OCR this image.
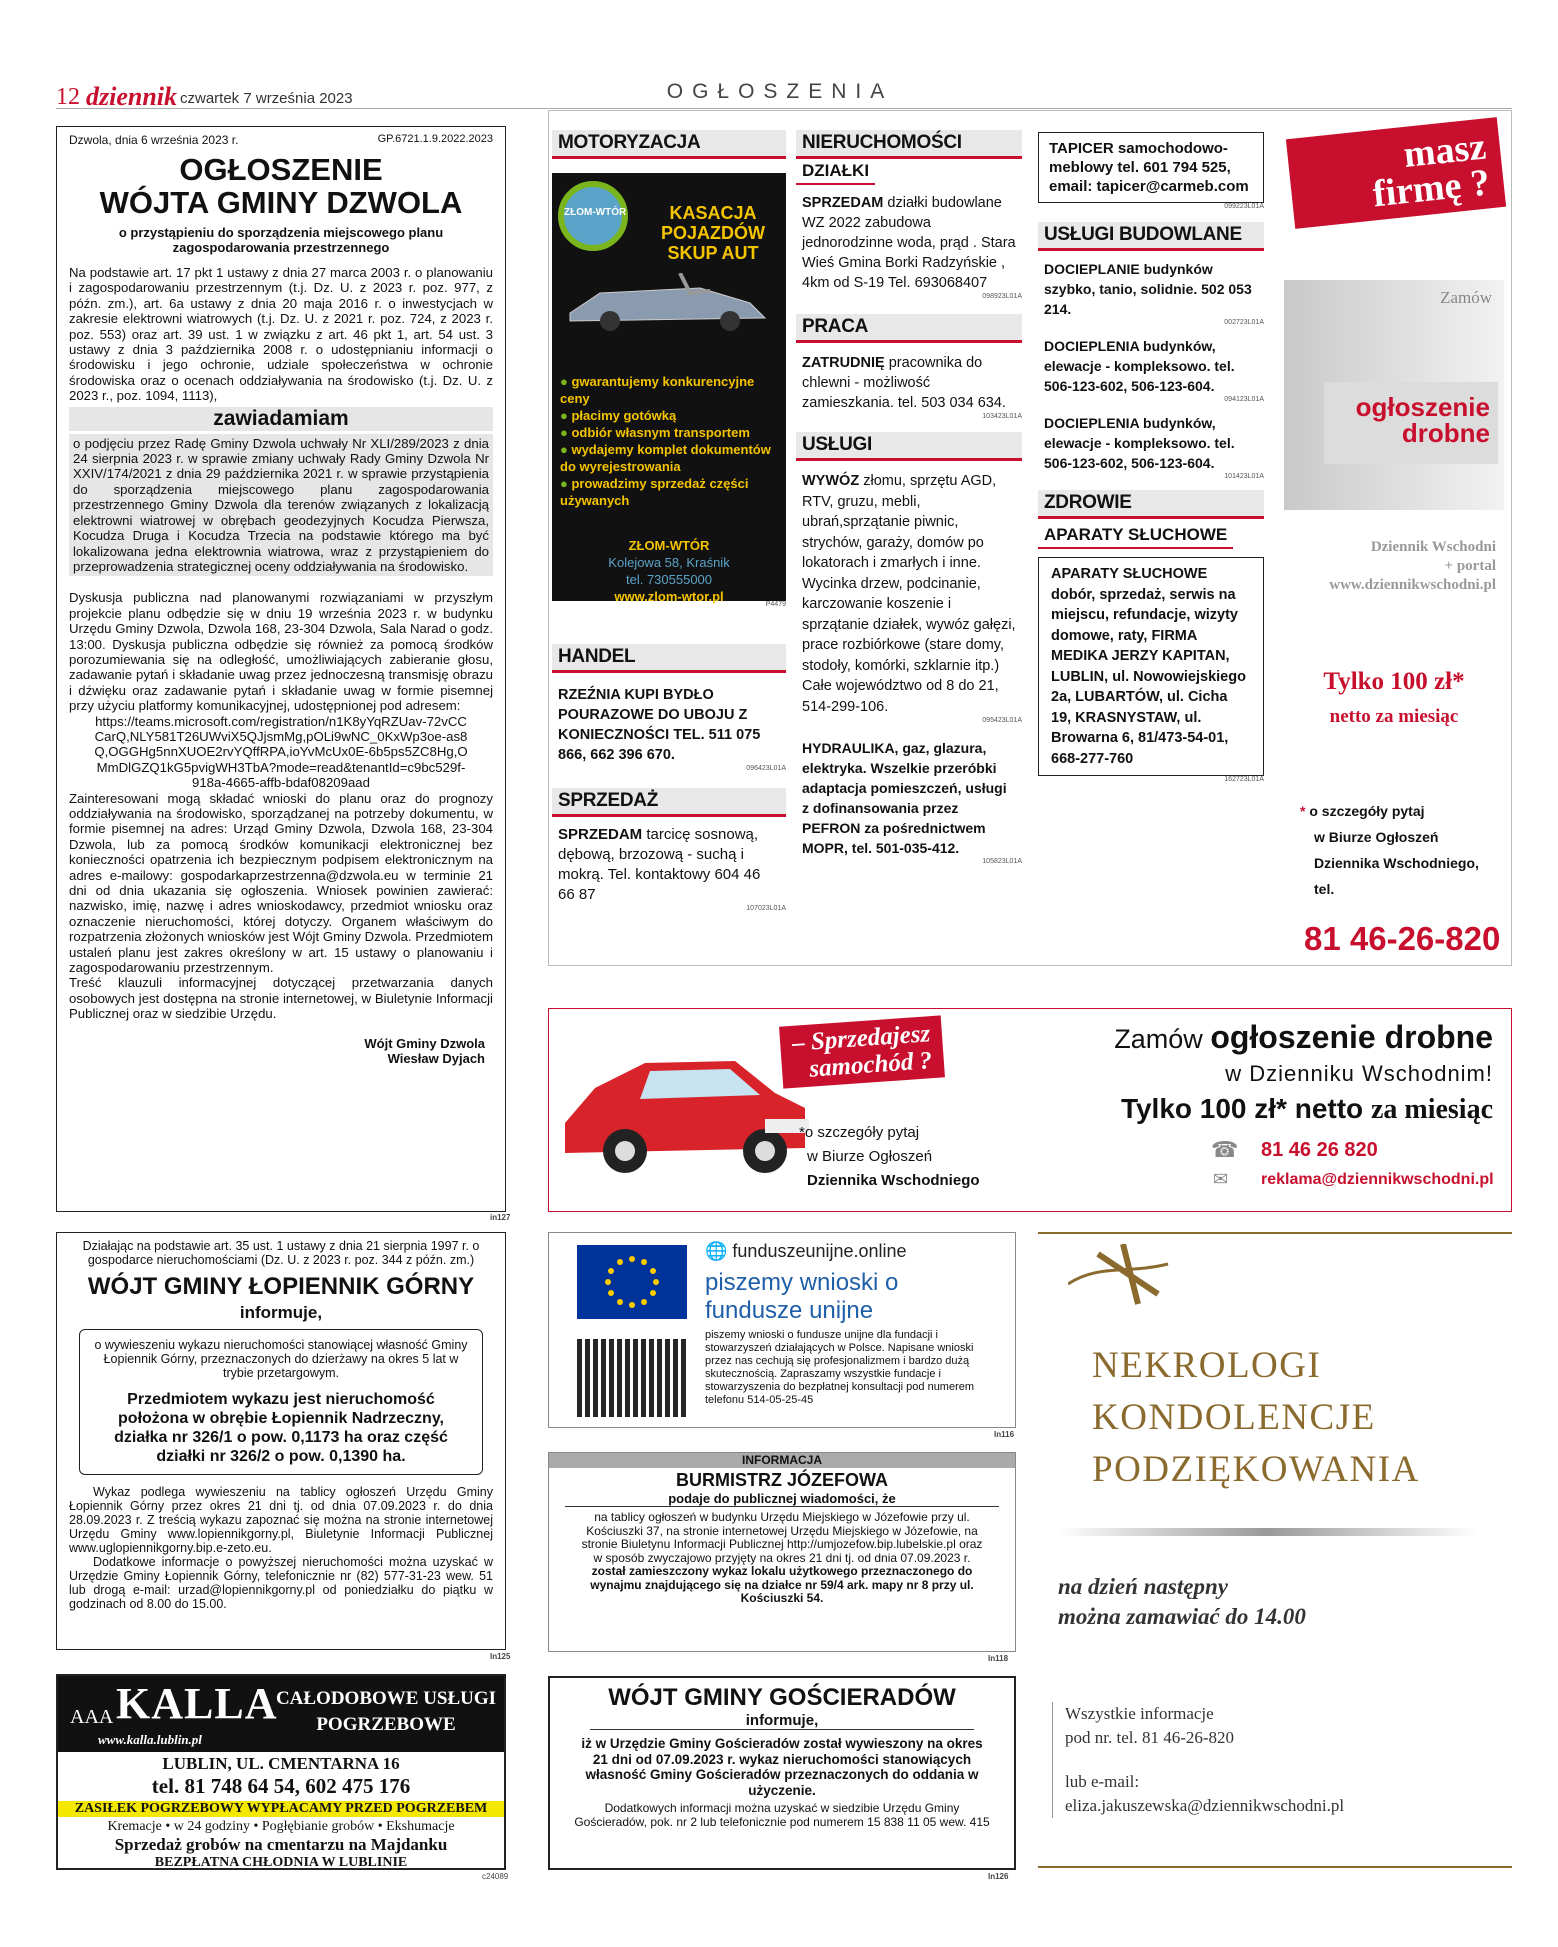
12 dziennik czwartek 7 września 2023	OGŁOSZENIA
Dzwola, dnia 6 września 2023 r.	GP.6721.1.9.2022.2023
OGŁOSZENIE
WÓJTA GMINY DZWOLA
o przystąpieniu do sporządzenia miejscowego planu zagospodarowania przestrzennego

Na podstawie art. 17 pkt 1 ustawy z dnia 27 marca 2003 r. o planowaniu i zagospodarowaniu przestrzennym (t.j. Dz. U. z 2023 r. poz. 977, z późn. zm.), art. 6a ustawy z dnia 20 maja 2016 r. o inwestycjach w zakresie elektrowni wiatrowych (t.j. Dz. U. z 2021 r. poz. 724, z 2023 r. poz. 553) oraz art. 39 ust. 1 w związku z art. 46 pkt 1, art. 54 ust. 3 ustawy z dnia 3 października 2008 r. o udostępnianiu informacji o środowisku i jego ochronie, udziale społeczeństwa w ochronie środowiska oraz o ocenach oddziaływania na środowisko (t.j. Dz. U. z 2023 r., poz. 1094, 1113),

zawiadamiam

o podjęciu przez Radę Gminy Dzwola uchwały Nr XLI/289/2023 z dnia 24 sierpnia 2023 r. w sprawie zmiany uchwały Rady Gminy Dzwola Nr XXIV/174/2021 z dnia 29 października 2021 r. w sprawie przystąpienia do sporządzenia miejscowego planu zagospodarowania przestrzennego Gminy Dzwola dla terenów związanych z lokalizacją elektrowni wiatrowej w obrębach geodezyjnych Kocudza Pierwsza, Kocudza Druga i Kocudza Trzecia na podstawie którego ma być lokalizowana jedna elektrownia wiatrowa, wraz z przystąpieniem do przeprowadzenia strategicznej oceny oddziaływania na środowisko.

Dyskusja publiczna nad planowanymi rozwiązaniami w przyszłym projekcie planu odbędzie się w dniu 19 września 2023 r. w budynku Urzędu Gminy Dzwola, Dzwola 168, 23-304 Dzwola, Sala Narad o godz. 13:00. Dyskusja publiczna odbędzie się również za pomocą środków porozumiewania się na odległość, umożliwiających zabieranie głosu, zadawanie pytań i składanie uwag przez jednoczesną transmisję obrazu i dźwięku oraz zadawanie pytań i składanie uwag w formie pisemnej przy użyciu platformy komunikacyjnej, udostępnionej pod adresem:

https://teams.microsoft.com/registration/n1K8yYqRZUav-72vCCCarQ,NLY581T26UWviX5QJjsmMg,pOLi9wNC_0KxWp3oe-as8Q,OGGHg5nnXUOE2rvYQffRPA,ioYvMcUx0E-6b5ps5ZC8Hg,OMmDlGZQ1kG5pvigWH3TbA?mode=read&tenantId=c9bc529f-918a-4665-affb-bdaf08209aad

Zainteresowani mogą składać wnioski do planu oraz do prognozy oddziaływania na środowisko, sporządzanej na potrzeby dokumentu, w formie pisemnej na adres: Urząd Gminy Dzwola, Dzwola 168, 23-304 Dzwola, lub za pomocą środków komunikacji elektronicznej bez konieczności opatrzenia ich bezpiecznym podpisem elektronicznym na adres e-mailowy: gospodarkaprzestrzenna@dzwola.eu w terminie 21 dni od dnia ukazania się ogłoszenia. Wniosek powinien zawierać: nazwisko, imię, nazwę i adres wnioskodawcy, przedmiot wniosku oraz oznaczenie nieruchomości, której dotyczy. Organem właściwym do rozpatrzenia złożonych wniosków jest Wójt Gminy Dzwola. Przedmiotem ustaleń planu jest zakres określony w art. 15 ustawy o planowaniu i zagospodarowaniu przestrzennym.

Treść klauzuli informacyjnej dotyczącej przetwarzania danych osobowych jest dostępna na stronie internetowej, w Biuletynie Informacji Publicznej oraz w siedzibie Urzędu.

Wójt Gminy Dzwola
Wiesław Dyjach
in127
MOTORYZACJA
ZŁOM-WTÓR	KASACJA
POJAZDÓW
SKUP AUT
● gwarantujemy konkurencyjne ceny
● płacimy gotówką
● odbiór własnym transportem
● wydajemy komplet dokumentów do wyrejestrowania
● prowadzimy sprzedaż części używanych
ZŁOM-WTÓR
Kolejowa 58, Kraśnik
tel. 730555000
www.zlom-wtor.pl
P4479
HANDEL
RZEŹNIA KUPI BYDŁO POURAZOWE DO UBOJU Z KONIECZNOŚCI TEL. 511 075 866, 662 396 670.
096423L01A
SPRZEDAŻ
SPRZEDAM tarcicę sosnową, dębową, brzozową - suchą i mokrą. Tel. kontaktowy 604 46 66 87
107023L01A
NIERUCHOMOŚCI DZIAŁKI
SPRZEDAM działki budowlane WZ 2022 zabudowa jednorodzinne woda, prąd . Stara Wieś Gmina Borki Radzyńskie , 4km od S-19 Tel. 693068407
098923L01A
PRACA
ZATRUDNIĘ pracownika do chlewni - możliwość zamieszkania. tel. 503 034 634.
103423L01A
USŁUGI
WYWÓZ złomu, sprzętu AGD, RTV, gruzu, mebli, ubrań,sprzątanie piwnic, strychów, garaży, domów po lokatorach i zmarłych i inne. Wycinka drzew, podcinanie, karczowanie koszenie i sprzątanie działek, wywóz gałęzi, prace rozbiórkowe (stare domy, stodoły, komórki, szklarnie itp.) Całe województwo od 8 do 21, 514-299-106.
095423L01A
HYDRAULIKA, gaz, glazura, elektryka. Wszelkie przeróbki adaptacja pomieszczeń, usługi z dofinansowania przez PEFRON za pośrednictwem MOPR, tel. 501-035-412.
105823L01A
TAPICER samochodowo-meblowy tel. 601 794 525, email: tapicer@carmeb.com
099223L01A
USŁUGI BUDOWLANE
DOCIEPLANIE budynków szybko, tanio, solidnie. 502 053 214.
002723L01A
DOCIEPLENIA budynków, elewacje - kompleksowo. tel. 506-123-602, 506-123-604.
094123L01A
DOCIEPLENIA budynków, elewacje - kompleksowo. tel. 506-123-602, 506-123-604.
101423L01A
ZDROWIE APARATY SŁUCHOWE
APARATY SŁUCHOWE dobór, sprzedaż, serwis na miejscu, refundacje, wizyty domowe, raty, FIRMA MEDIKA JERZY KAPITAN, LUBLIN, ul. Nowowiejskiego 2a, LUBARTÓW, ul. Cicha 19, KRASNYSTAW, ul. Browarna 6, 81/473-54-01, 668-277-760
162723L01A
masz
firmę ?
Zamów
ogłoszenie
drobne
Dziennik Wschodni
+ portal
www.dziennikwschodni.pl
Tylko 100 zł*
netto za miesiąc
* o szczegóły pytaj
w Biurze Ogłoszeń
Dziennika Wschodniego,
tel.
81 46-26-820
– Sprzedajesz
samochód ?
*o szczegóły pytaj
w Biurze Ogłoszeń
Dziennika Wschodniego
Zamów ogłoszenie drobne
w Dzienniku Wschodnim!
Tylko 100 zł* netto za miesiąc
☎ 81 46 26 820
✉ reklama@dziennikwschodni.pl

Działając na podstawie art. 35 ust. 1 ustawy z dnia 21 sierpnia 1997 r. o gospodarce nieruchomościami (Dz. U. z 2023 r. poz. 344 z późn. zm.)

WÓJT GMINY ŁOPIENNIK GÓRNY
informuje,

o wywieszeniu wykazu nieruchomości stanowiącej własność Gminy Łopiennik Górny, przeznaczonych do dzierżawy na okres 5 lat w trybie przetargowym.

Przedmiotem wykazu jest nieruchomość położona w obrębie Łopiennik Nadrzeczny, działka nr 326/1 o pow. 0,1173 ha oraz część działki nr 326/2 o pow. 0,1390 ha.

Wykaz podlega wywieszeniu na tablicy ogłoszeń Urzędu Gminy Łopiennik Górny przez okres 21 dni tj. od dnia 07.09.2023 r. do dnia 28.09.2023 r. Z treścią wykazu zapoznać się można na stronie internetowej Urzędu Gminy www.lopiennikgorny.pl, Biuletynie Informacji Publicznej www.uglopiennikgorny.bip.e-zeto.eu.

Dodatkowe informacje o powyższej nieruchomości można uzyskać w Urzędzie Gminy Łopiennik Górny, telefonicznie nr (82) 577-31-23 wew. 51 lub drogą e-mail: urzad@lopiennikgorny.pl od poniedziałku do piątku w godzinach od 8.00 do 15.00.

In125
AAA KALLA
www.kalla.lublin.pl
CAŁODOBOWE USŁUGI
POGRZEBOWE
LUBLIN, UL. CMENTARNA 16
tel. 81 748 64 54, 602 475 176
ZASIŁEK POGRZEBOWY WYPŁACAMY PRZED POGRZEBEM
Kremacje • w 24 godziny • Pogłębianie grobów • Ekshumacje
Sprzedaż grobów na cmentarzu na Majdanku
BEZPŁATNA CHŁODNIA W LUBLINIE
c24089
🌐 funduszeunijne.online
piszemy wnioski o
fundusze unijne

piszemy wnioski o fundusze unijne dla fundacji i stowarzyszeń działających w Polsce. Napisane wnioski przez nas cechują się profesjonalizmem i bardzo dużą skutecznością. Zapraszamy wszystkie fundacje i stowarzyszenia do bezpłatnej konsultacji pod numerem telefonu 514-05-25-45

In116
INFORMACJA
BURMISTRZ JÓZEFOWA
podaje do publicznej wiadomości, że

na tablicy ogłoszeń w budynku Urzędu Miejskiego w Józefowie przy ul. Kościuszki 37, na stronie internetowej Urzędu Miejskiego w Józefowie, na stronie Biuletynu Informacji Publicznej http://umjozefow.bip.lubelskie.pl oraz w sposób zwyczajowo przyjęty na okres 21 dni tj. od dnia 07.09.2023 r.

został zamieszczony wykaz lokalu użytkowego przeznaczonego do wynajmu znajdującego się na działce nr 59/4 ark. mapy nr 8 przy ul. Kościuszki 54.

In118
WÓJT GMINY GOŚCIERADÓW
informuje,

iż w Urzędzie Gminy Gościeradów został wywieszony na okres 21 dni od 07.09.2023 r. wykaz nieruchomości stanowiących własność Gminy Gościeradów przeznaczonych do oddania w użyczenie.

Dodatkowych informacji można uzyskać w siedzibie Urzędu Gminy Gościeradów, pok. nr 2 lub telefonicznie pod numerem 15 838 11 05 wew. 415

In126
NEKROLOGI
KONDOLENCJE
PODZIĘKOWANIA
na dzień następny
można zamawiać do 14.00
Wszystkie informacje
pod nr. tel. 81 46-26-820
lub e-mail:
eliza.jakuszewska@dziennikwschodni.pl
